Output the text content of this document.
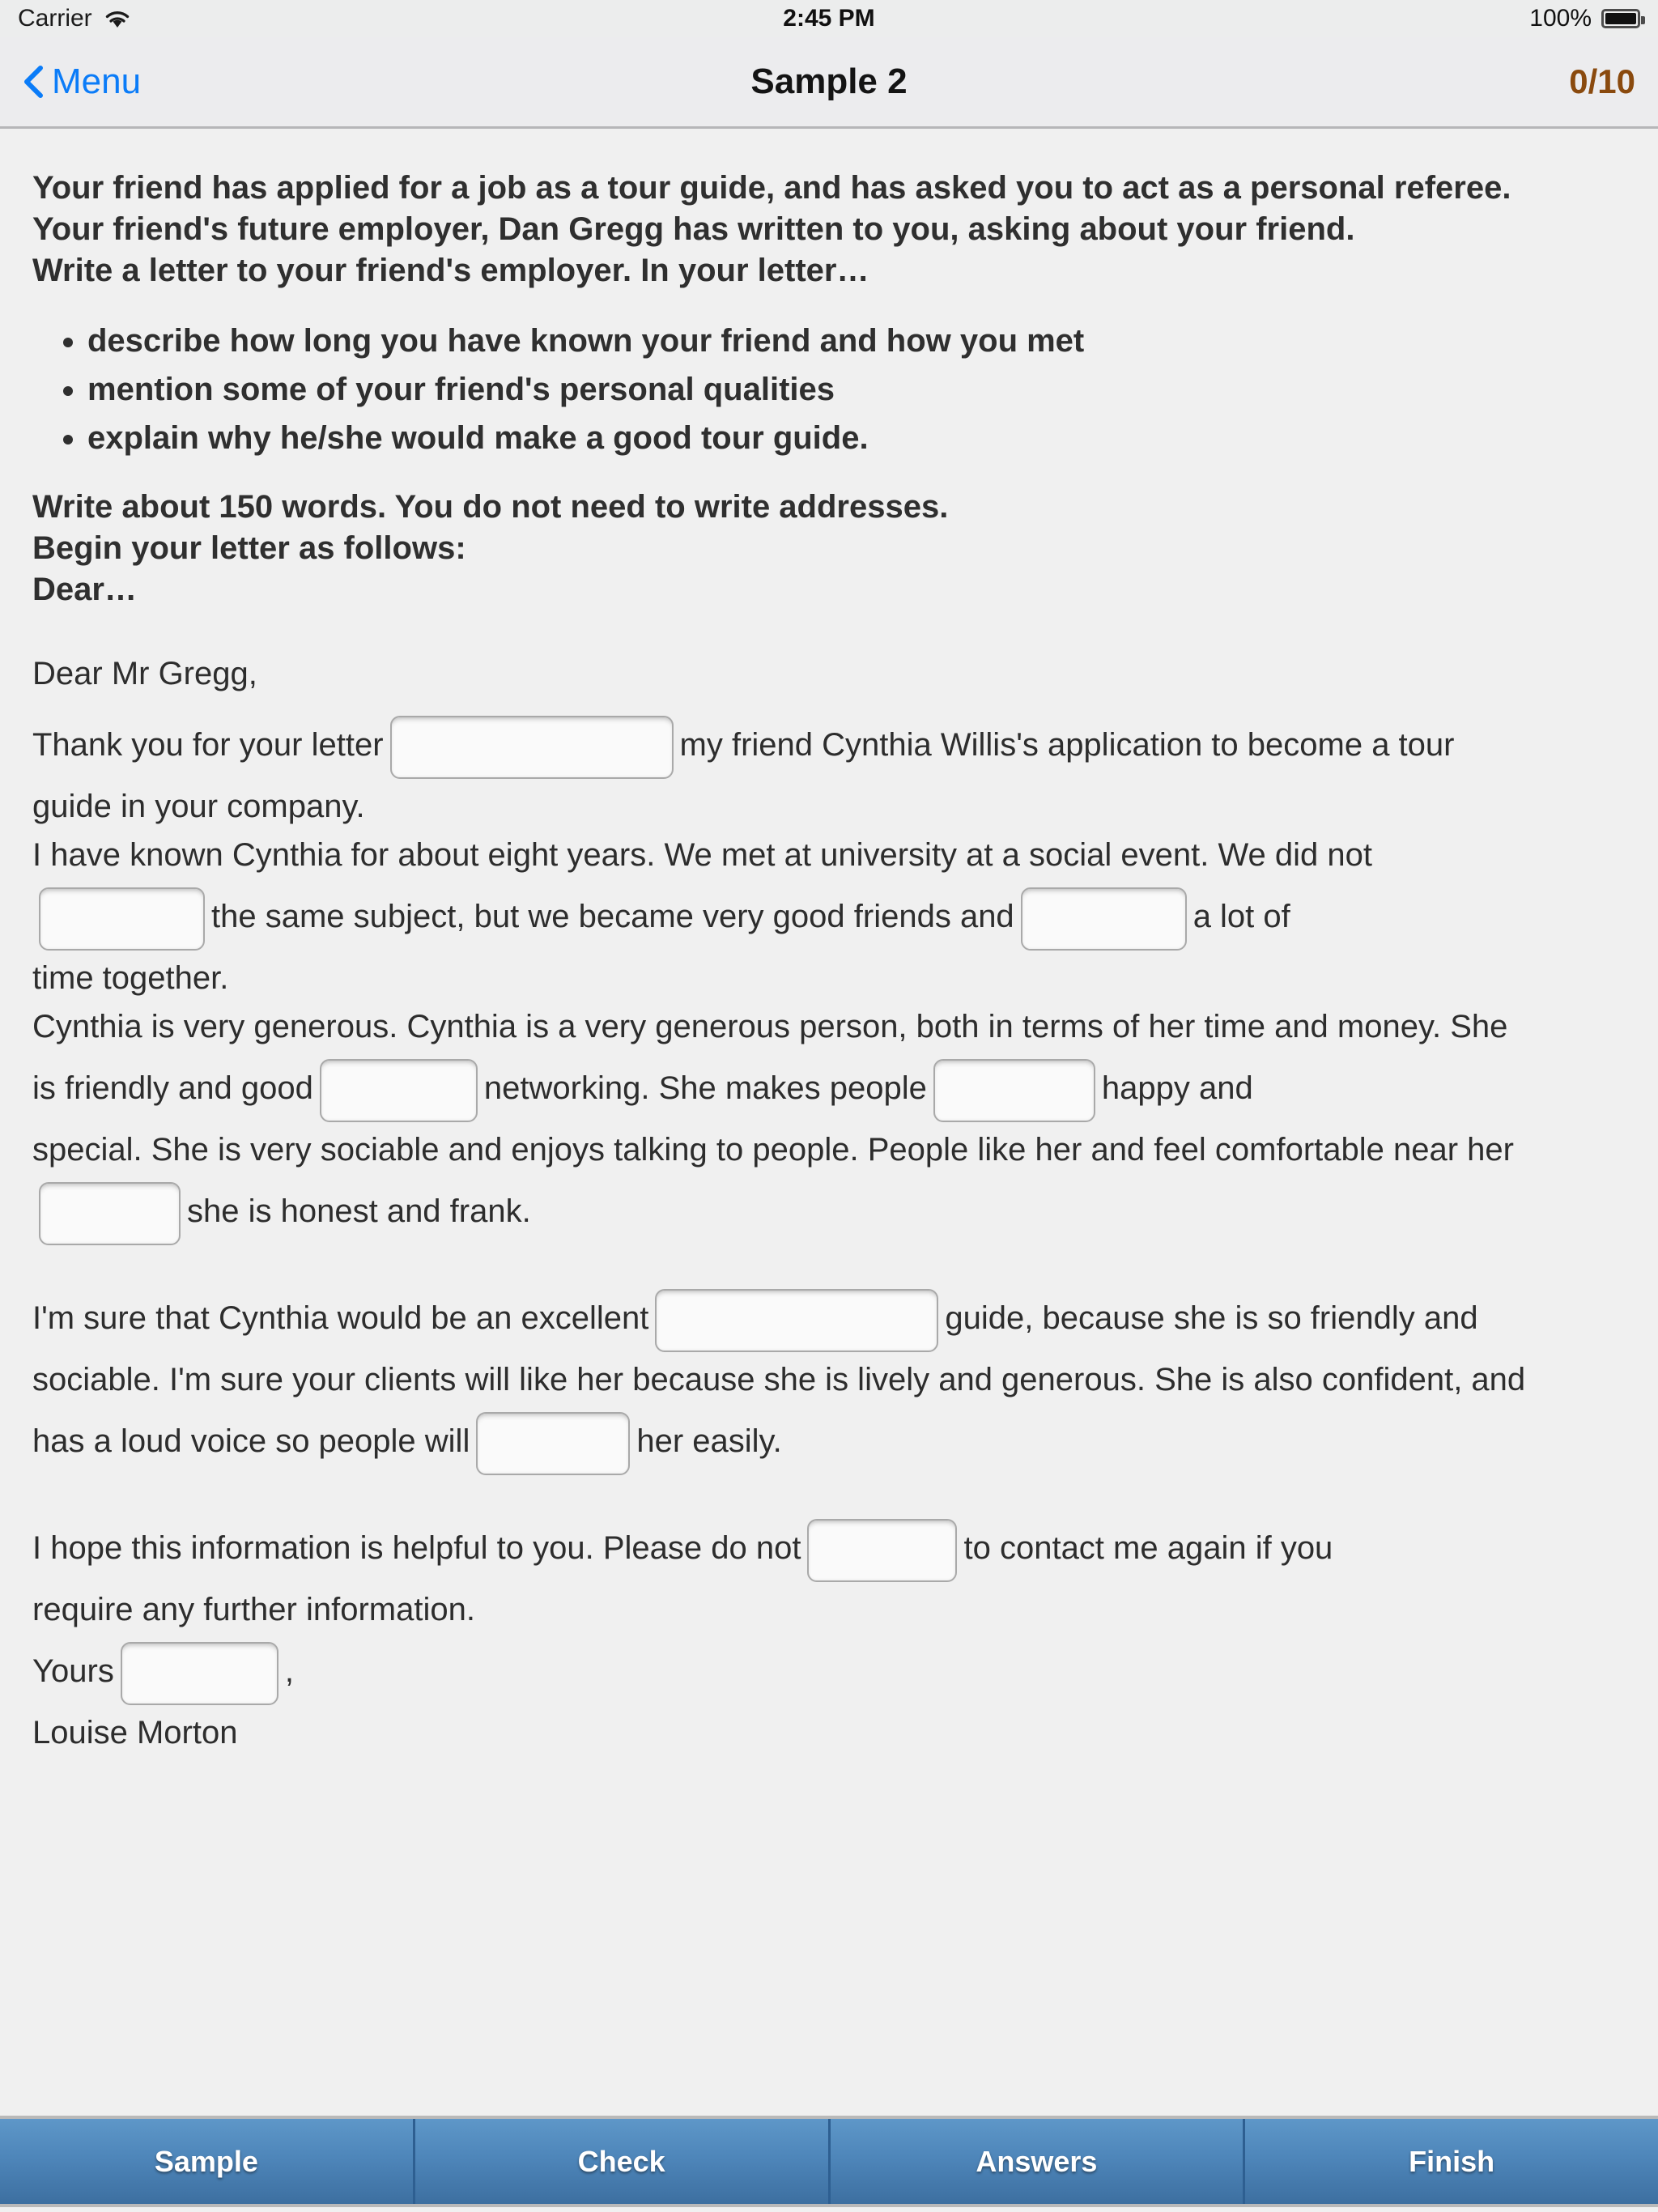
Carrier	2:45 PM	100%
Menu	Sample 2	0/10
Your friend has applied for a job as a tour guide, and has asked you to act as a personal referee.
Your friend's future employer, Dan Gregg has written to you, asking about your friend.
Write a letter to your friend's employer. In your letter…
• describe how long you have known your friend and how you met
• mention some of your friend's personal qualities
• explain why he/she would make a good tour guide.
Write about 150 words. You do not need to write addresses.
Begin your letter as follows:
Dear…
Dear Mr Gregg,
Thank you for your letter	my friend Cynthia Willis's application to become a tour
guide in your company.
I have known Cynthia for about eight years. We met at university at a social event. We did not
the same subject, but we became very good friends and	a lot of
time together.
Cynthia is very generous. Cynthia is a very generous person, both in terms of her time and money. She
is friendly and good	networking. She makes people	happy and
special. She is very sociable and enjoys talking to people. People like her and feel comfortable near her
she is honest and frank.
I'm sure that Cynthia would be an excellent	guide, because she is so friendly and
sociable. I'm sure your clients will like her because she is lively and generous. She is also confident, and
has a loud voice so people will	her easily.
I hope this information is helpful to you. Please do not	to contact me again if you
require any further information.
Yours	,
Louise Morton
Sample	Check	Answers	Finish
